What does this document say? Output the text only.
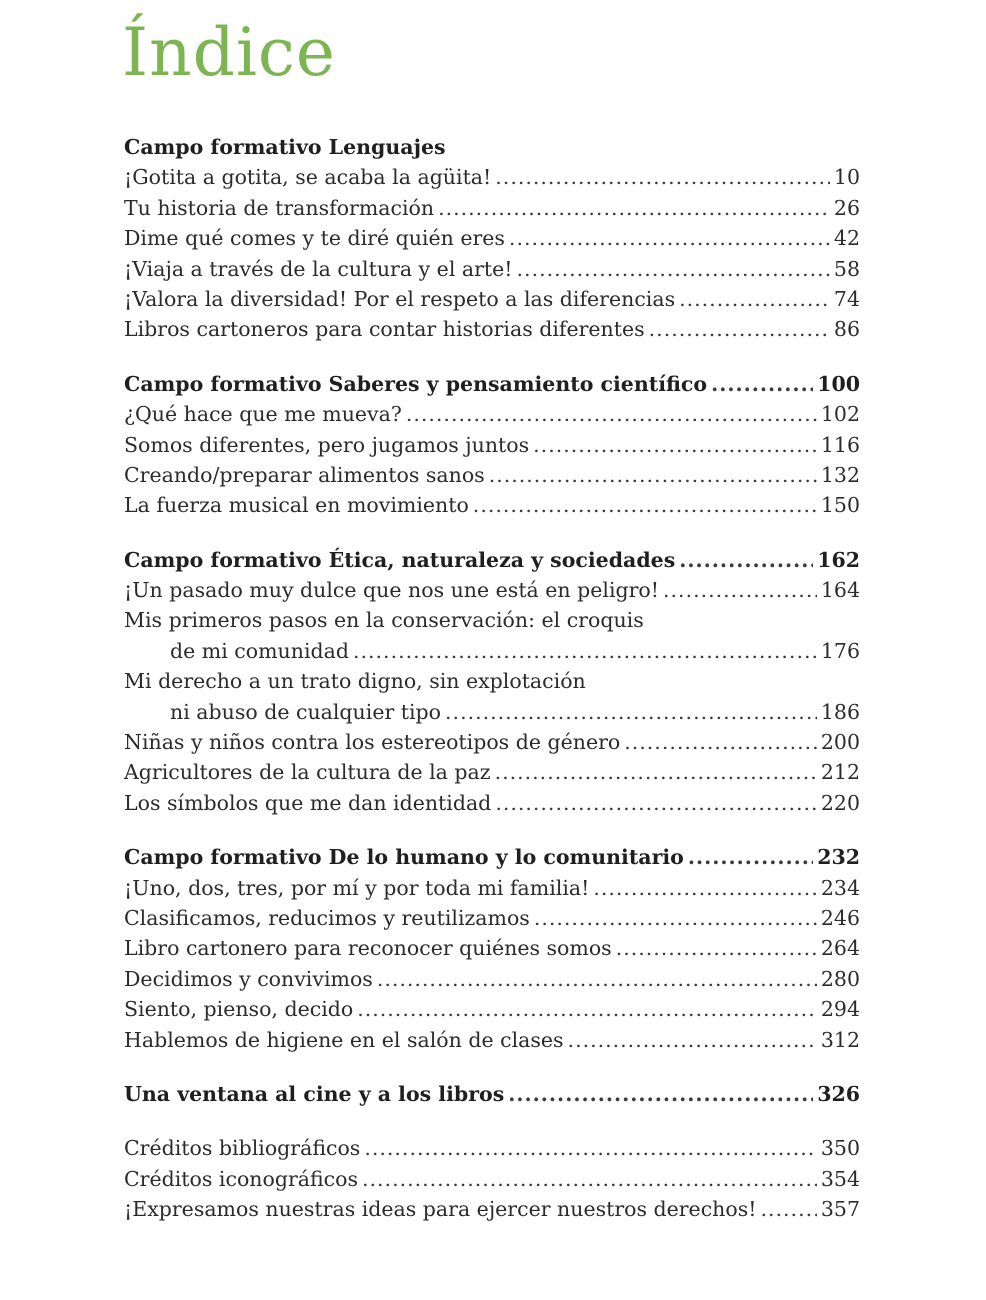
Índice
Campo formativo Lenguajes
¡Gotita a gotita, se acaba la agüita! .....	10
Tu historia de transformación .....	26
Dime qué comes y te diré quién eres .....	42
¡Viaja a través de la cultura y el arte! .....	58
¡Valora la diversidad! Por el respeto a las diferencias .....	74
Libros cartoneros para contar historias diferentes .....	86
Campo formativo Saberes y pensamiento científico .....	100
¿Qué hace que me mueva? .....	102
Somos diferentes, pero jugamos juntos .....	116
Creando/preparar alimentos sanos .....	132
La fuerza musical en movimiento .....	150
Campo formativo Ética, naturaleza y sociedades .....	162
¡Un pasado muy dulce que nos une está en peligro! .....	164
Mis primeros pasos en la conservación: el croquis
de mi comunidad .....	176
Mi derecho a un trato digno, sin explotación
ni abuso de cualquier tipo .....	186
Niñas y niños contra los estereotipos de género .....	200
Agricultores de la cultura de la paz .....	212
Los símbolos que me dan identidad .....	220
Campo formativo De lo humano y lo comunitario .....	232
¡Uno, dos, tres, por mí y por toda mi familia! .....	234
Clasificamos, reducimos y reutilizamos .....	246
Libro cartonero para reconocer quiénes somos .....	264
Decidimos y convivimos .....	280
Siento, pienso, decido .....	294
Hablemos de higiene en el salón de clases .....	312
Una ventana al cine y a los libros .....	326
Créditos bibliográficos .....	350
Créditos iconográficos .....	354
¡Expresamos nuestras ideas para ejercer nuestros derechos! .....	357
